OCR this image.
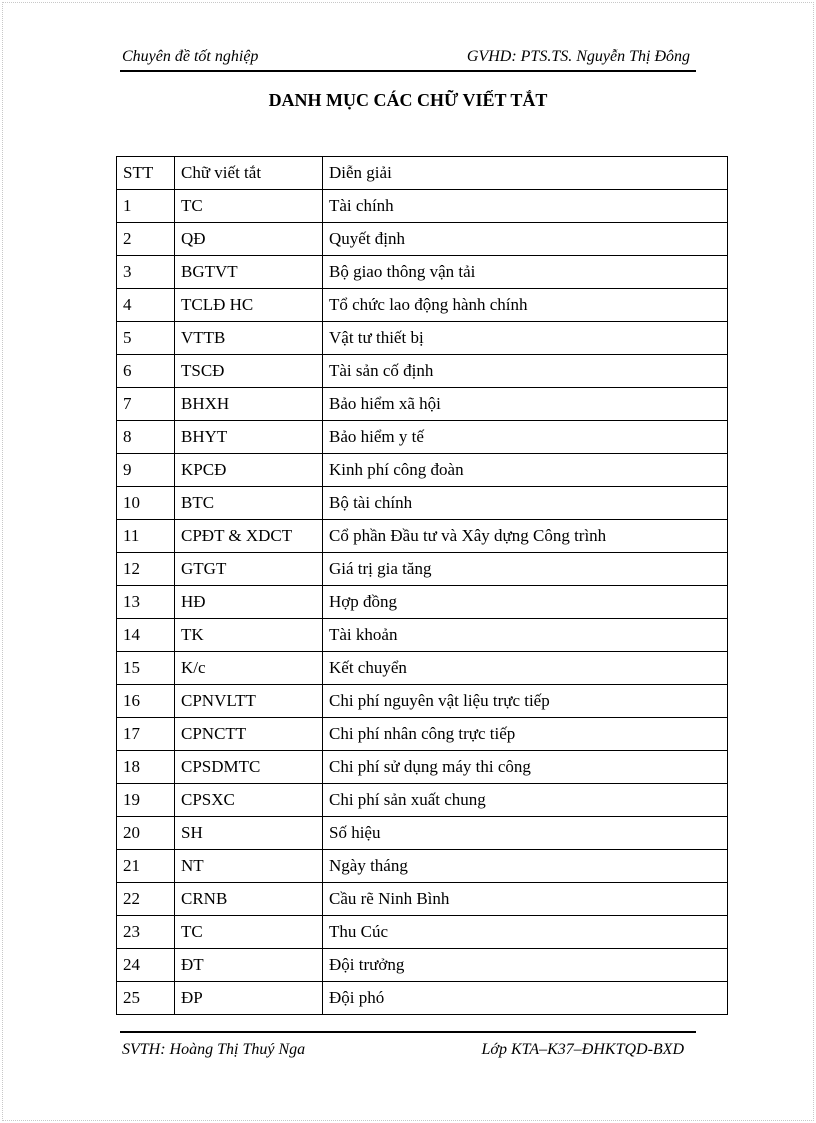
Chuyên đề tốt nghiệp	GVHD: PTS.TS. Nguyễn Thị Đông
DANH MỤC CÁC CHỮ VIẾT TẮT
STT	Chữ viết tắt	Diễn giải
1	TC	Tài chính
2	QĐ	Quyết định
3	BGTVT	Bộ giao thông vận tải
4	TCLĐ HC	Tổ chức lao động hành chính
5	VTTB	Vật tư thiết bị
6	TSCĐ	Tài sản cố định
7	BHXH	Bảo hiểm xã hội
8	BHYT	Bảo hiểm y tế
9	KPCĐ	Kinh phí công đoàn
10	BTC	Bộ tài chính
11	CPĐT & XDCT	Cổ phần Đầu tư và Xây dựng Công trình
12	GTGT	Giá trị gia tăng
13	HĐ	Hợp đồng
14	TK	Tài khoản
15	K/c	Kết chuyển
16	CPNVLTT	Chi phí nguyên vật liệu trực tiếp
17	CPNCTT	Chi phí nhân công trực tiếp
18	CPSDMTC	Chi phí sử dụng máy thi công
19	CPSXC	Chi phí sản xuất chung
20	SH	Số hiệu
21	NT	Ngày tháng
22	CRNB	Cầu rẽ Ninh Bình
23	TC	Thu Cúc
24	ĐT	Đội trưởng
25	ĐP	Đội phó
SVTH: Hoàng Thị Thuý Nga	Lớp KTA–K37–ĐHKTQD-BXD
